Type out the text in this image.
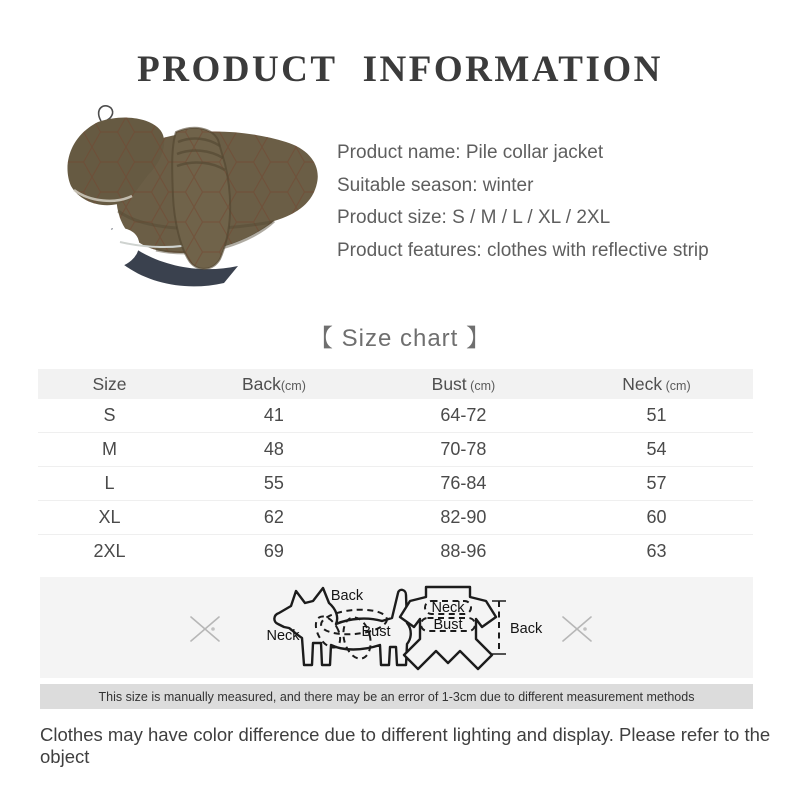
PRODUCT INFORMATION

Product name: Pile collar jacket

Suitable season: winter

Product size: S / M / L / XL / 2XL

Product features: clothes with reflective strip

【 Size chart 】
Size	Back(cm)	Bust (cm)	Neck (cm)
S	41	64-72	51
M	48	70-78	54
L	55	76-84	57
XL	62	82-90	60
2XL	69	88-96	63
Back
Neck	Bust
Neck
Bust	Back
This size is manually measured, and there may be an error of 1-3cm due to different measurement methods

Clothes may have color difference due to different lighting and display. Please refer to the object
